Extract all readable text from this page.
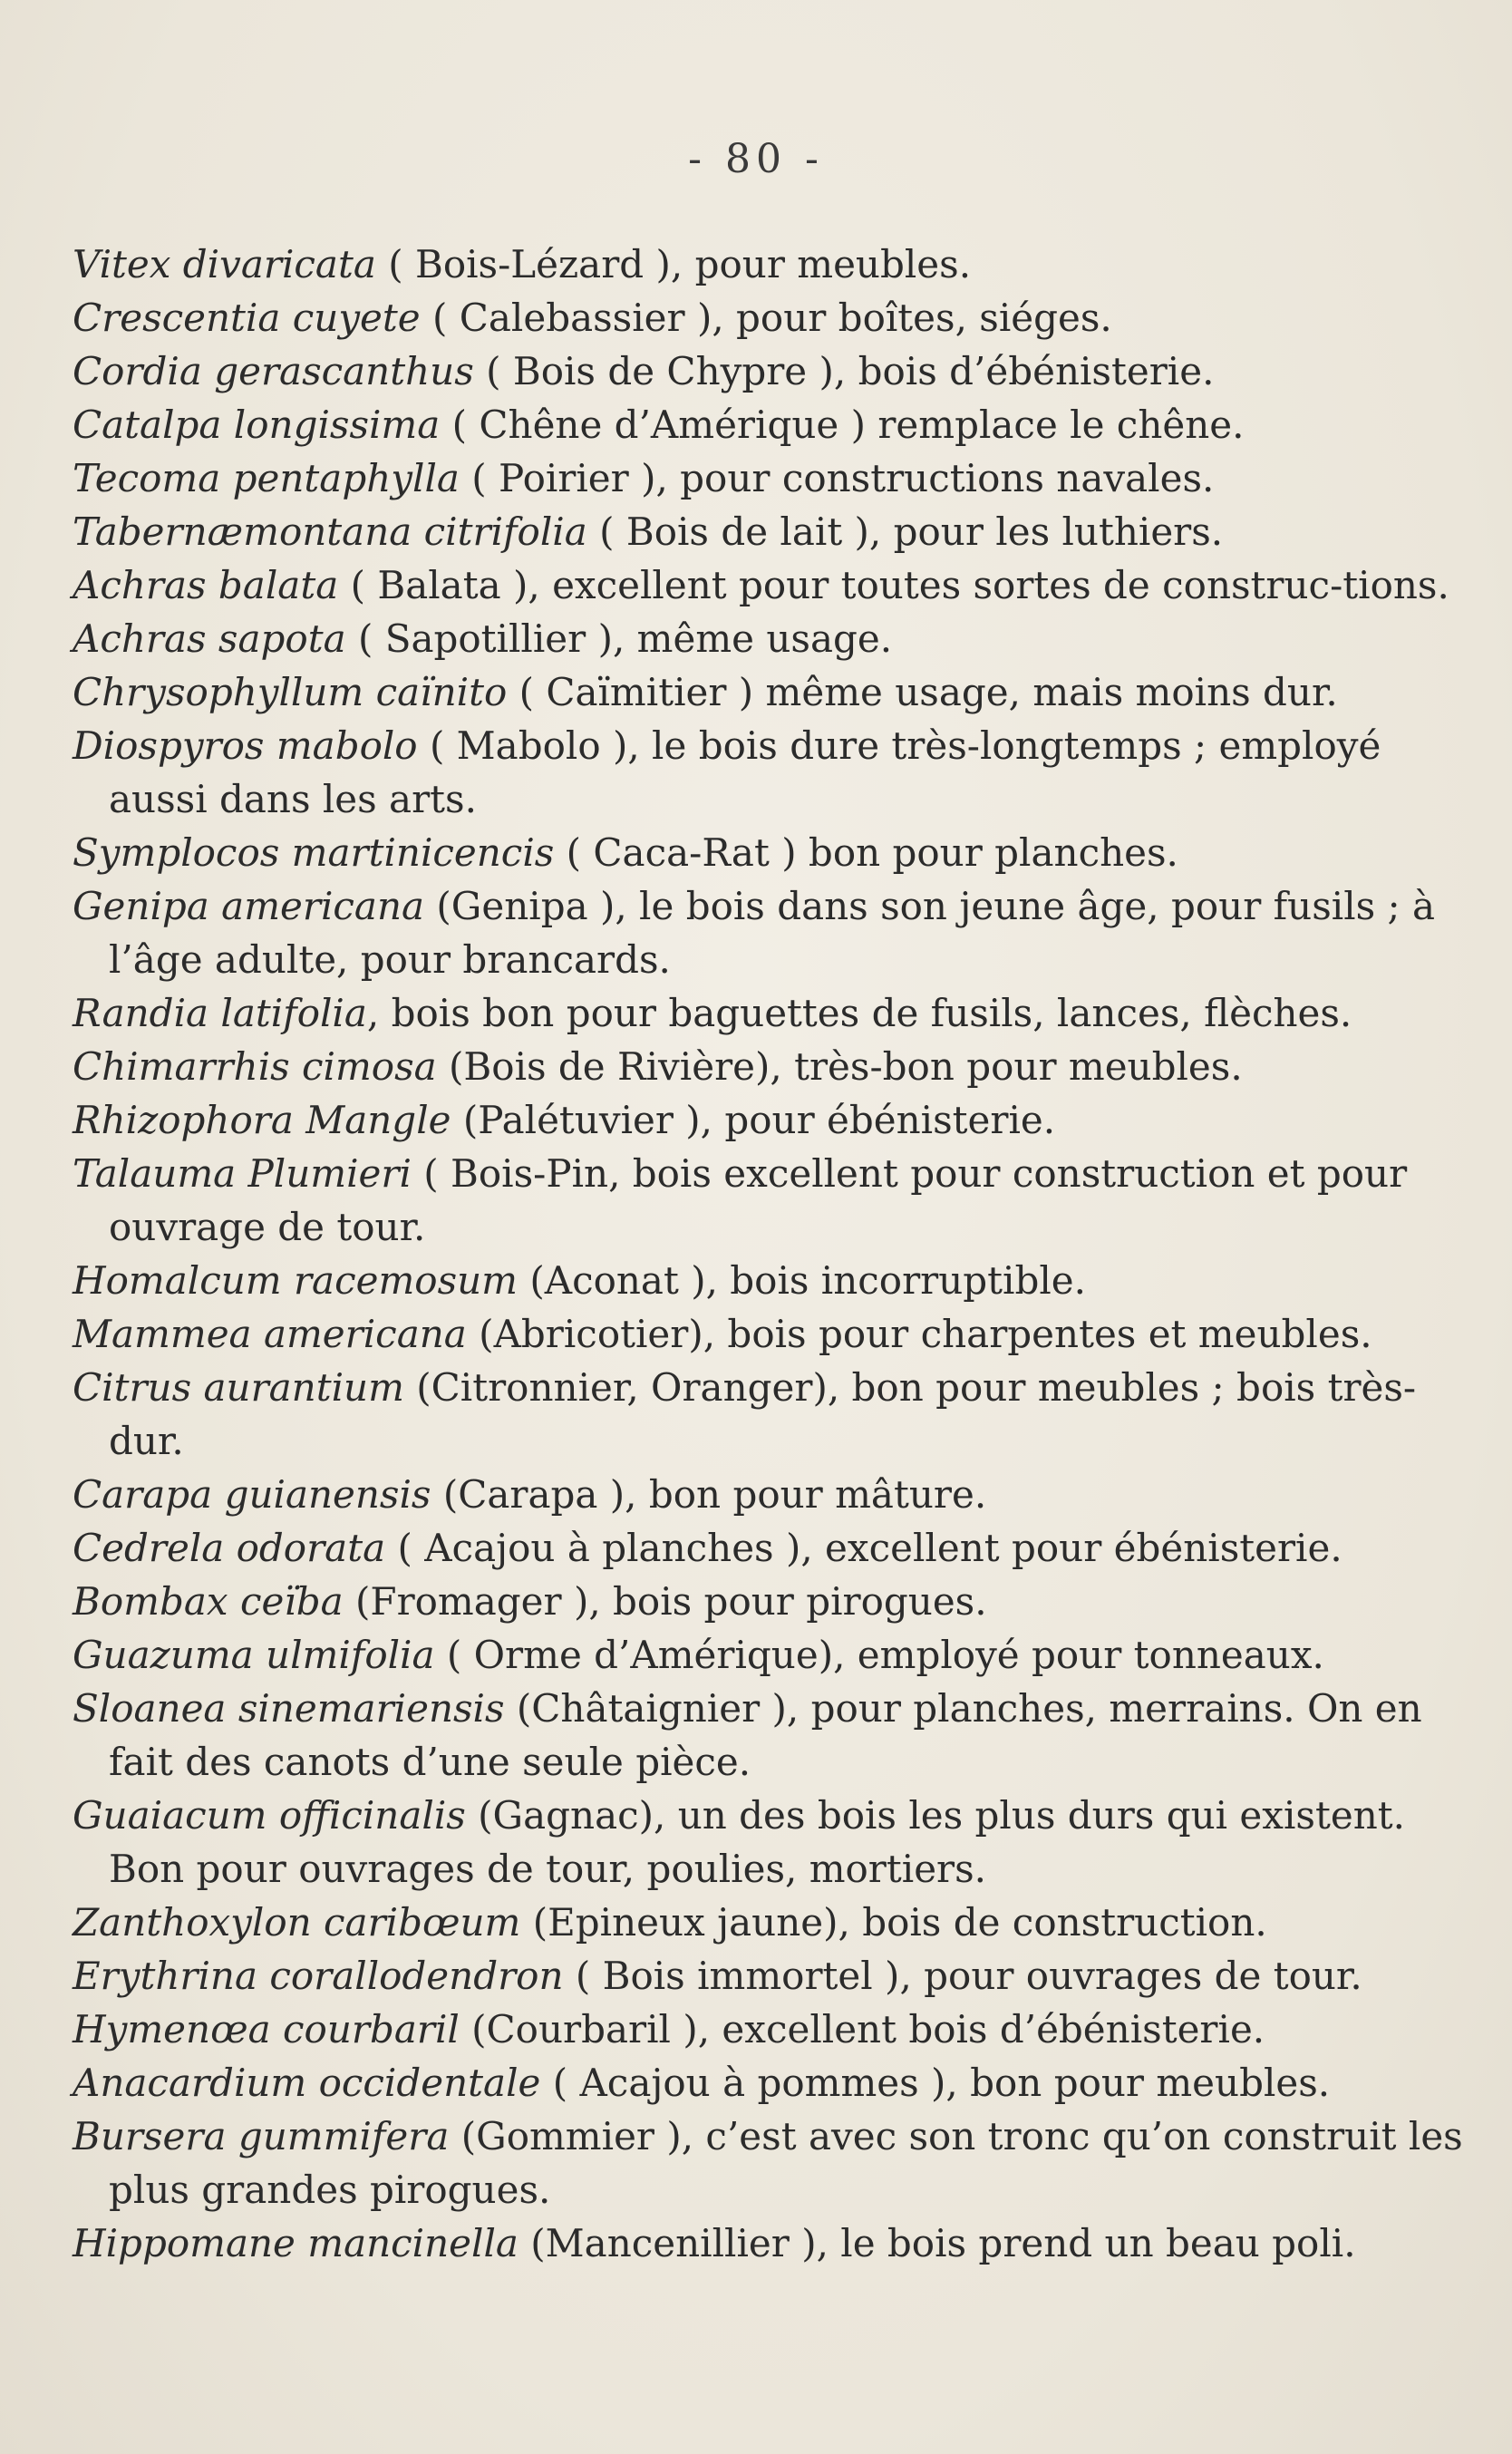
- 80 -

Vitex divaricata ( Bois-Lézard ), pour meubles.

Crescentia cuyete ( Calebassier ), pour boîtes, siéges.

Cordia gerascanthus ( Bois de Chypre ), bois d’ébénisterie.

Catalpa longissima ( Chêne d’Amérique ) remplace le chêne.

Tecoma pentaphylla ( Poirier ), pour constructions navales.

Tabernæmontana citrifolia ( Bois de lait ), pour les luthiers.

Achras balata ( Balata ), excellent pour toutes sortes de construc-tions.

Achras sapota ( Sapotillier ), même usage.

Chrysophyllum caïnito ( Caïmitier ) même usage, mais moins dur.

Diospyros mabolo ( Mabolo ), le bois dure très-longtemps ; employé aussi dans les arts.

Symplocos martinicencis ( Caca-Rat ) bon pour planches.

Genipa americana (Genipa ), le bois dans son jeune âge, pour fusils ; à l’âge adulte, pour brancards.

Randia latifolia, bois bon pour baguettes de fusils, lances, flèches.

Chimarrhis cimosa (Bois de Rivière), très-bon pour meubles.

Rhizophora Mangle (Palétuvier ), pour ébénisterie.

Talauma Plumieri ( Bois-Pin, bois excellent pour construction et pour ouvrage de tour.

Homalcum racemosum (Aconat ), bois incorruptible.

Mammea americana (Abricotier), bois pour charpentes et meubles.

Citrus aurantium (Citronnier, Oranger), bon pour meubles ; bois très-dur.

Carapa guianensis (Carapa ), bon pour mâture.

Cedrela odorata ( Acajou à planches ), excellent pour ébénisterie.

Bombax ceïba (Fromager ), bois pour pirogues.

Guazuma ulmifolia ( Orme d’Amérique), employé pour tonneaux.

Sloanea sinemariensis (Châtaignier ), pour planches, merrains. On en fait des canots d’une seule pièce.

Guaiacum officinalis (Gagnac), un des bois les plus durs qui existent. Bon pour ouvrages de tour, poulies, mortiers.

Zanthoxylon caribœum (Epineux jaune), bois de construction.

Erythrina corallodendron ( Bois immortel ), pour ouvrages de tour.

Hymenœa courbaril (Courbaril ), excellent bois d’ébénisterie.

Anacardium occidentale ( Acajou à pommes ), bon pour meubles.

Bursera gummifera (Gommier ), c’est avec son tronc qu’on construit les plus grandes pirogues.

Hippomane mancinella (Mancenillier ), le bois prend un beau poli.
